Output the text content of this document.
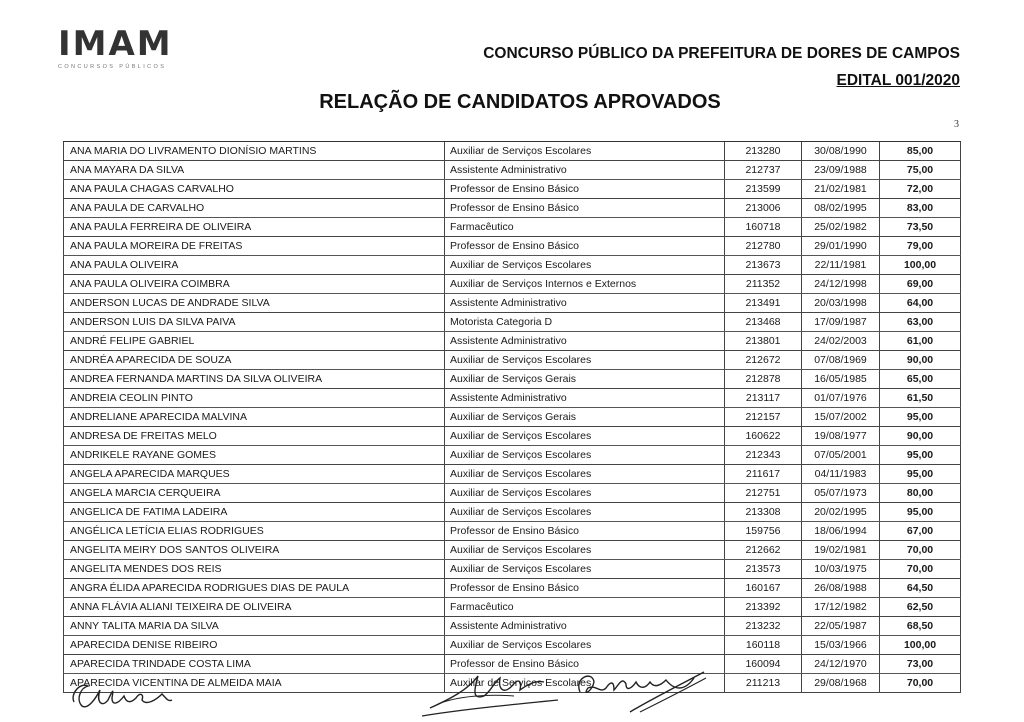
IMAM
CONCURSOS PÚBLICOS
CONCURSO PÚBLICO DA PREFEITURA DE DORES DE CAMPOS
EDITAL 001/2020
RELAÇÃO DE CANDIDATOS APROVADOS
3
ANA MARIA DO LIVRAMENTO DIONÍSIO MARTINS	Auxiliar de Serviços Escolares	213280	30/08/1990	85,00
ANA MAYARA DA SILVA	Assistente Administrativo	212737	23/09/1988	75,00
ANA PAULA CHAGAS CARVALHO	Professor de Ensino Básico	213599	21/02/1981	72,00
ANA PAULA DE CARVALHO	Professor de Ensino Básico	213006	08/02/1995	83,00
ANA PAULA FERREIRA DE OLIVEIRA	Farmacêutico	160718	25/02/1982	73,50
ANA PAULA MOREIRA DE FREITAS	Professor de Ensino Básico	212780	29/01/1990	79,00
ANA PAULA OLIVEIRA	Auxiliar de Serviços Escolares	213673	22/11/1981	100,00
ANA PAULA OLIVEIRA COIMBRA	Auxiliar de Serviços Internos e Externos	211352	24/12/1998	69,00
ANDERSON LUCAS DE ANDRADE SILVA	Assistente Administrativo	213491	20/03/1998	64,00
ANDERSON LUIS DA SILVA PAIVA	Motorista Categoria D	213468	17/09/1987	63,00
ANDRÉ FELIPE GABRIEL	Assistente Administrativo	213801	24/02/2003	61,00
ANDRÉA APARECIDA DE SOUZA	Auxiliar de Serviços Escolares	212672	07/08/1969	90,00
ANDREA FERNANDA MARTINS DA SILVA OLIVEIRA	Auxiliar de Serviços Gerais	212878	16/05/1985	65,00
ANDREIA CEOLIN PINTO	Assistente Administrativo	213117	01/07/1976	61,50
ANDRELIANE APARECIDA MALVINA	Auxiliar de Serviços Gerais	212157	15/07/2002	95,00
ANDRESA DE FREITAS MELO	Auxiliar de Serviços Escolares	160622	19/08/1977	90,00
ANDRIKELE RAYANE GOMES	Auxiliar de Serviços Escolares	212343	07/05/2001	95,00
ANGELA APARECIDA MARQUES	Auxiliar de Serviços Escolares	211617	04/11/1983	95,00
ANGELA MARCIA CERQUEIRA	Auxiliar de Serviços Escolares	212751	05/07/1973	80,00
ANGELICA DE FATIMA LADEIRA	Auxiliar de Serviços Escolares	213308	20/02/1995	95,00
ANGÉLICA LETÍCIA ELIAS RODRIGUES	Professor de Ensino Básico	159756	18/06/1994	67,00
ANGELITA MEIRY DOS SANTOS OLIVEIRA	Auxiliar de Serviços Escolares	212662	19/02/1981	70,00
ANGELITA MENDES DOS REIS	Auxiliar de Serviços Escolares	213573	10/03/1975	70,00
ANGRA ÉLIDA APARECIDA RODRIGUES DIAS DE PAULA	Professor de Ensino Básico	160167	26/08/1988	64,50
ANNA FLÁVIA ALIANI TEIXEIRA DE OLIVEIRA	Farmacêutico	213392	17/12/1982	62,50
ANNY TALITA MARIA DA SILVA	Assistente Administrativo	213232	22/05/1987	68,50
APARECIDA DENISE RIBEIRO	Auxiliar de Serviços Escolares	160118	15/03/1966	100,00
APARECIDA TRINDADE COSTA LIMA	Professor de Ensino Básico	160094	24/12/1970	73,00
APARECIDA VICENTINA DE ALMEIDA MAIA	Auxiliar de Serviços Escolares	211213	29/08/1968	70,00
